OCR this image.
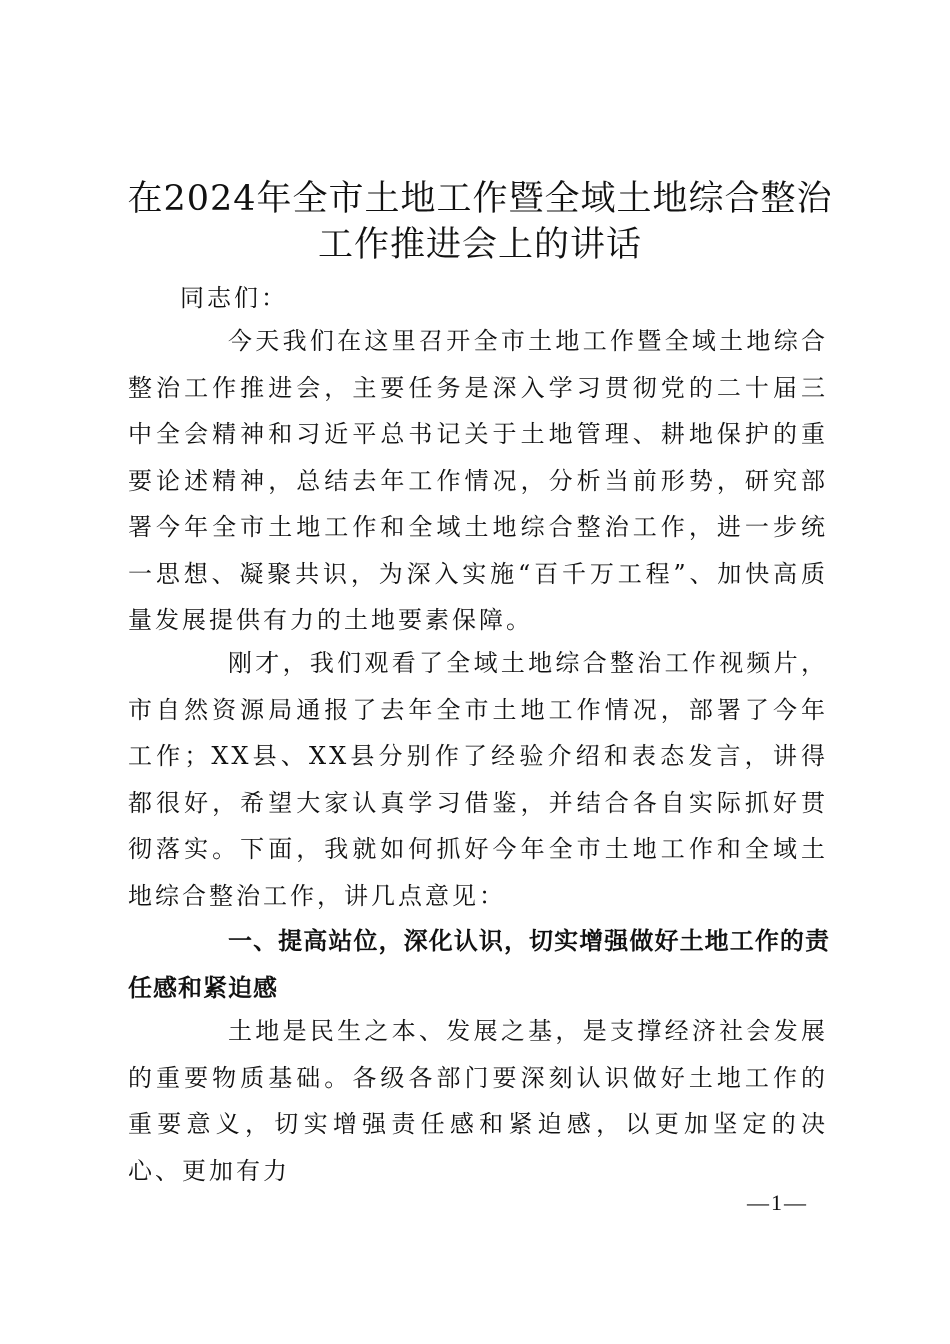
在2024年全市土地工作暨全域土地综合整治
工作推进会上的讲话

同志们：

今天我们在这里召开全市土地工作暨全域土地综合整治工作推进会，主要任务是深入学习贯彻党的二十届三中全会精神和习近平总书记关于土地管理、耕地保护的重要论述精神，总结去年工作情况，分析当前形势，研究部署今年全市土地工作和全域土地综合整治工作，进一步统一思想、凝聚共识，为深入实施“百千万工程”、加快高质量发展提供有力的土地要素保障。

刚才，我们观看了全域土地综合整治工作视频片，市自然资源局通报了去年全市土地工作情况，部署了今年工作；XX县、XX县分别作了经验介绍和表态发言，讲得都很好，希望大家认真学习借鉴，并结合各自实际抓好贯彻落实。下面，我就如何抓好今年全市土地工作和全域土地综合整治工作，讲几点意见：

一、提高站位，深化认识，切实增强做好土地工作的责任感和紧迫感

土地是民生之本、发展之基，是支撑经济社会发展的重要物质基础。各级各部门要深刻认识做好土地工作的重要意义，切实增强责任感和紧迫感，以更加坚定的决心、更加有力

—1—
